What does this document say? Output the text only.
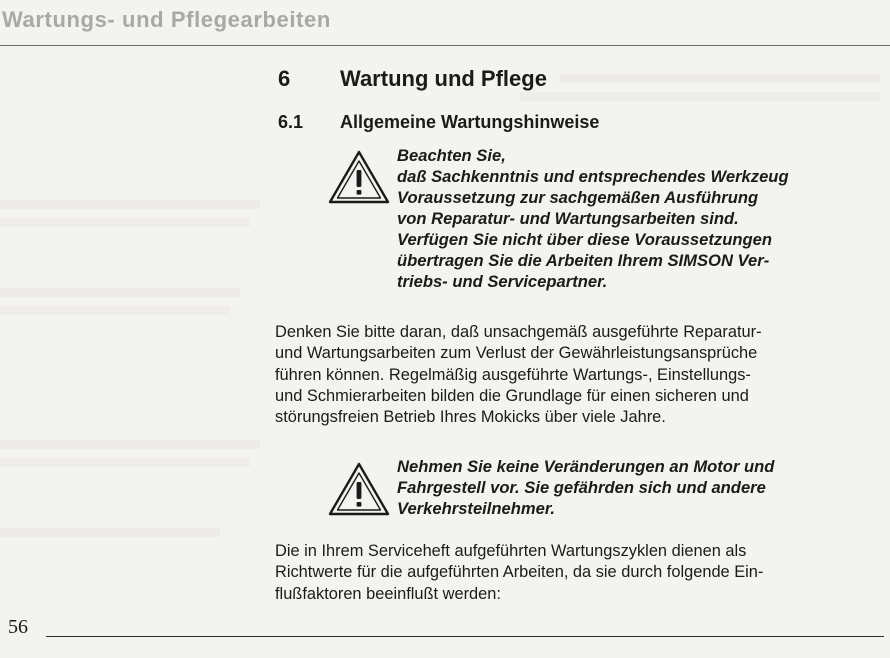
Wartungs- und Pflegearbeiten
6 Wartung und Pflege
6.1 Allgemeine Wartungshinweise
Beachten Sie,
daß Sachkenntnis und entsprechendes Werkzeug
Voraussetzung zur sachgemäßen Ausführung
von Reparatur- und Wartungsarbeiten sind.
Verfügen Sie nicht über diese Voraussetzungen
übertragen Sie die Arbeiten Ihrem SIMSON Ver-
triebs- und Servicepartner.
Denken Sie bitte daran, daß unsachgemäß ausgeführte Reparatur-
und Wartungsarbeiten zum Verlust der Gewährleistungsansprüche
führen können. Regelmäßig ausgeführte Wartungs-, Einstellungs-
und Schmierarbeiten bilden die Grundlage für einen sicheren und
störungsfreien Betrieb Ihres Mokicks über viele Jahre.
Nehmen Sie keine Veränderungen an Motor und
Fahrgestell vor. Sie gefährden sich und andere
Verkehrsteilnehmer.
Die in Ihrem Serviceheft aufgeführten Wartungszyklen dienen als
Richtwerte für die aufgeführten Arbeiten, da sie durch folgende Ein-
flußfaktoren beeinflußt werden:
56
